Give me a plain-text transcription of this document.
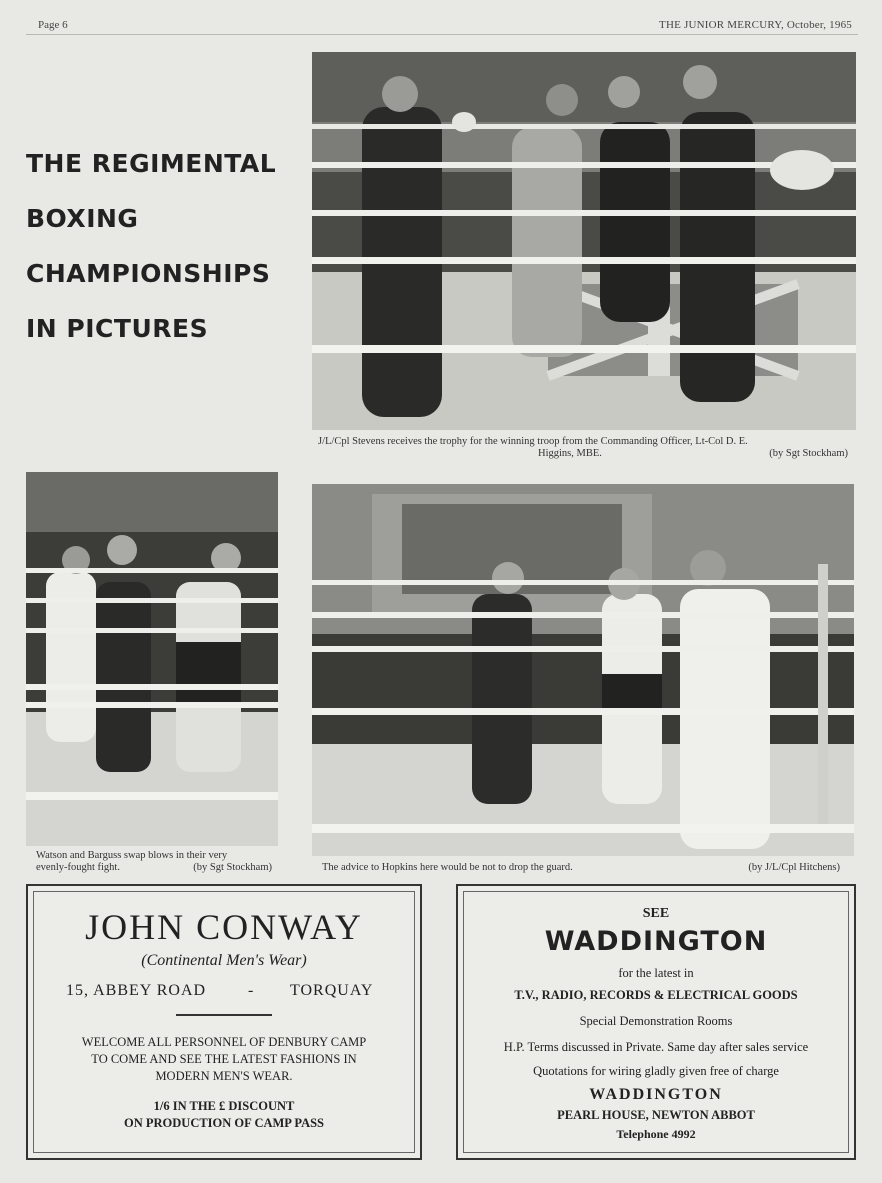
Page 6	THE JUNIOR MERCURY, October, 1965
THE REGIMENTAL
BOXING
CHAMPIONSHIPS
IN PICTURES
J/L/Cpl Stevens receives the trophy for the winning troop from the Commanding Officer, Lt-Col D. E.
Higgins, MBE.	(by Sgt Stockham)
Watson and Barguss swap blows in their very
evenly-fought fight.	(by Sgt Stockham)	The advice to Hopkins here would be not to drop the guard.	(by J/L/Cpl Hitchens)
JOHN CONWAY
(Continental Men's Wear)
15, ABBEY ROAD	- TORQUAY
WELCOME ALL PERSONNEL OF DENBURY CAMP
TO COME AND SEE THE LATEST FASHIONS IN
MODERN MEN'S WEAR.
1/6 IN THE £ DISCOUNT
ON PRODUCTION OF CAMP PASS
SEE
WADDINGTON
for the latest in
T.V., RADIO, RECORDS & ELECTRICAL GOODS
Special Demonstration Rooms
H.P. Terms discussed in Private. Same day after sales service
Quotations for wiring gladly given free of charge
WADDINGTON
PEARL HOUSE, NEWTON ABBOT
Telephone 4992
